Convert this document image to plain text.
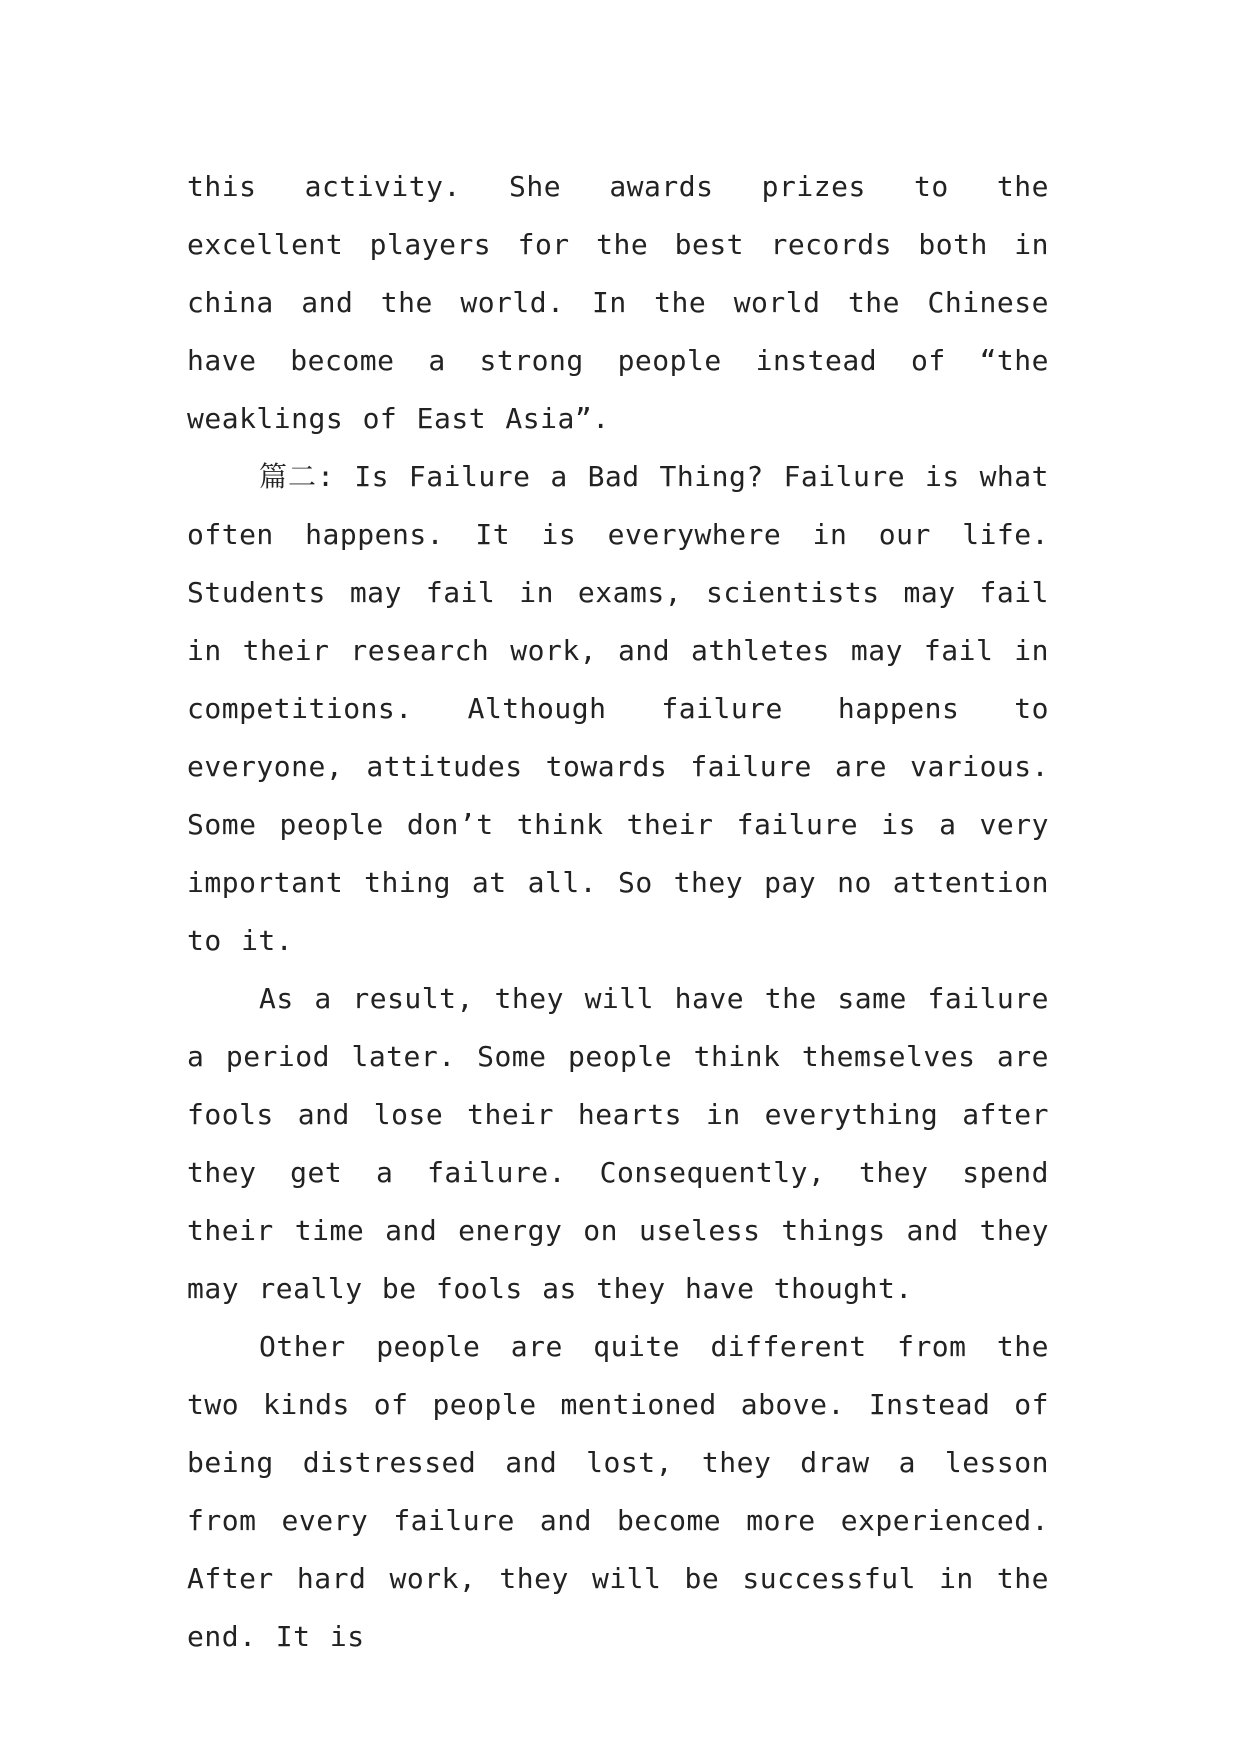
this activity. She awards prizes to the excellent players for the best records both in china and the world. In the world the Chinese have become a strong people instead of “the weaklings of East Asia”.

篇二: Is Failure a Bad Thing? Failure is what often happens. It is everywhere in our life. Students may fail in exams, scientists may fail in their research work, and athletes may fail in competitions. Although failure happens to everyone, attitudes towards failure are various. Some people don’t think their failure is a very important thing at all. So they pay no attention to it.

As a result, they will have the same failure a period later. Some people think themselves are fools and lose their hearts in everything after they get a failure. Consequently, they spend their time and energy on useless things and they may really be fools as they have thought.

Other people are quite different from the two kinds of people mentioned above. Instead of being distressed and lost, they draw a lesson from every failure and become more experienced. After hard work, they will be successful in the end. It is
